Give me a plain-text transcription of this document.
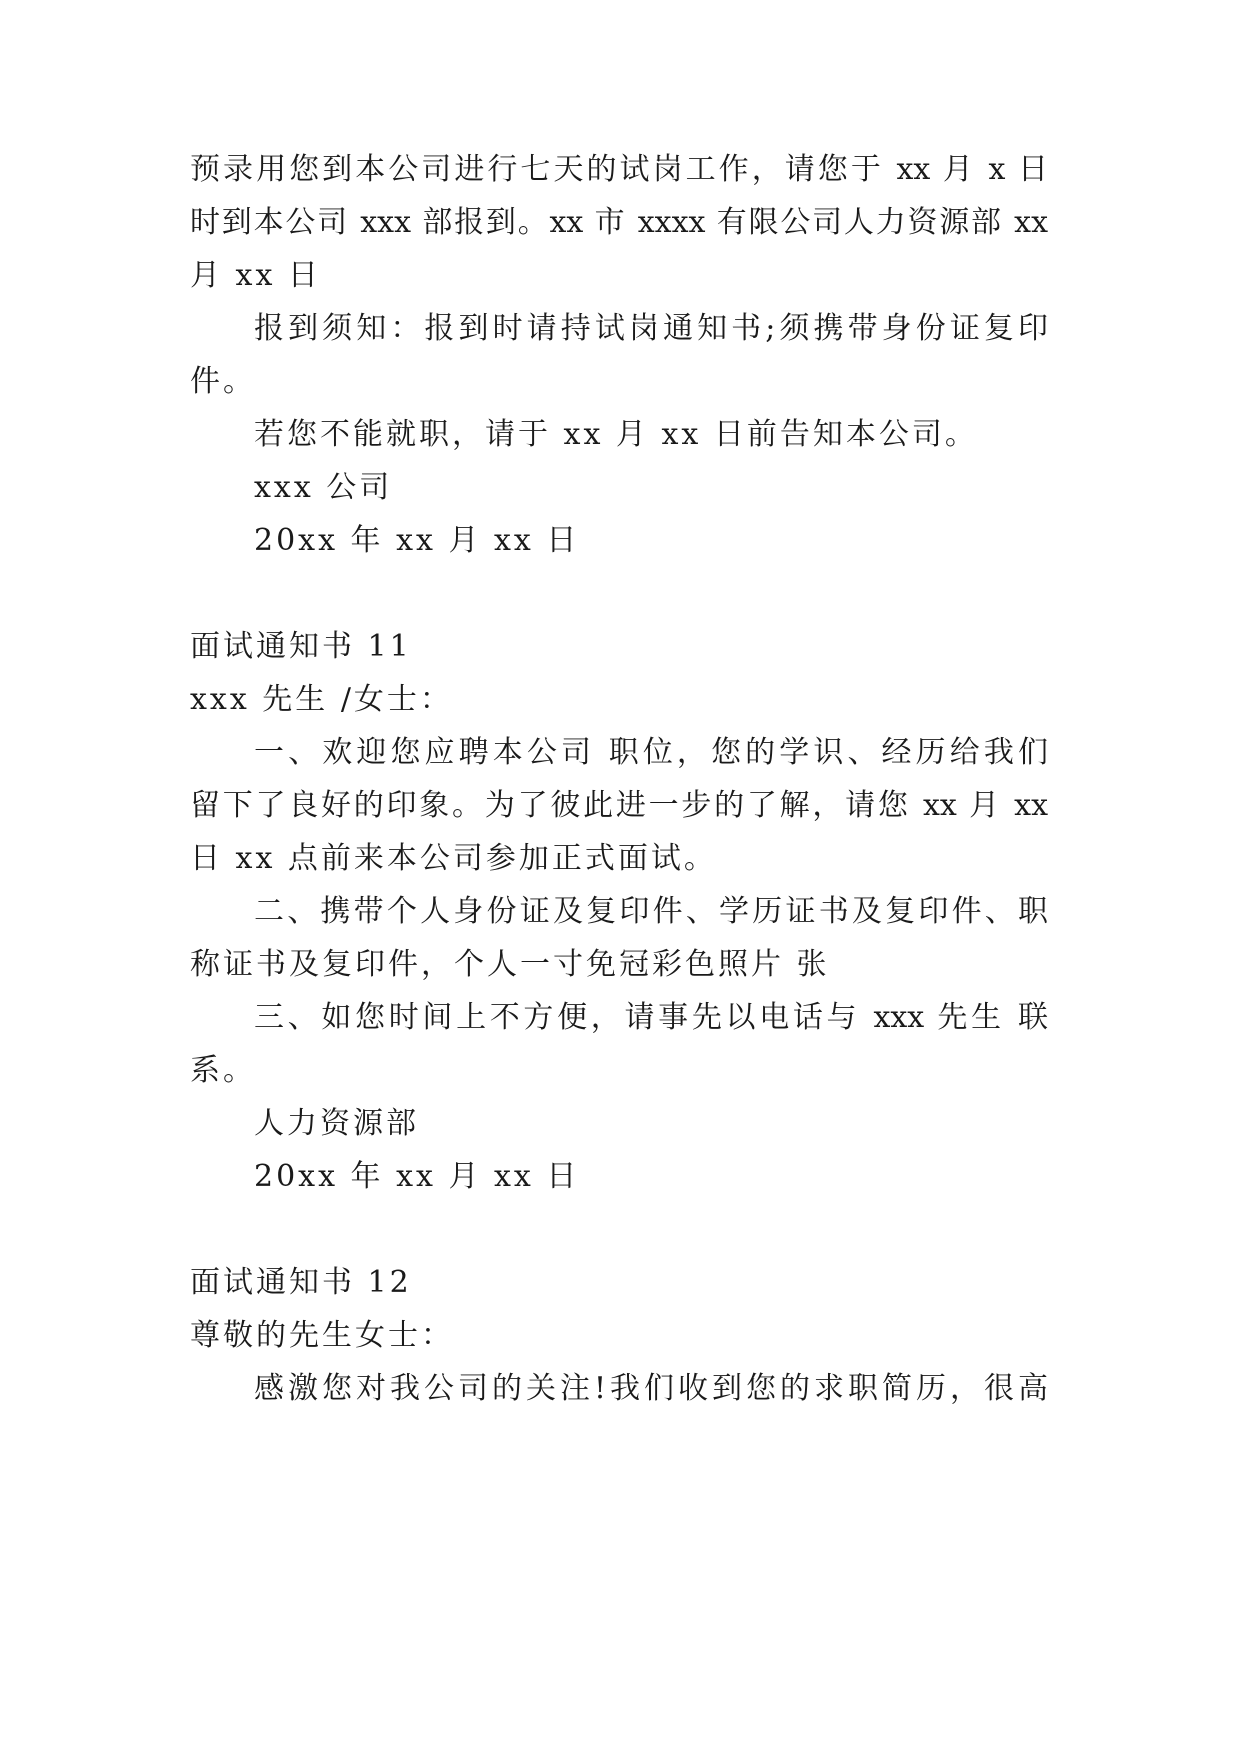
预录用您到本公司进行七天的试岗工作，请您于 xx 月 x 日
时到本公司 xxx 部报到。xx 市 xxxx 有限公司人力资源部 xx
月 xx 日
报到须知：报到时请持试岗通知书;须携带身份证复印
件。
若您不能就职，请于 xx 月 xx 日前告知本公司。
xxx 公司
20xx 年 xx 月 xx 日
面试通知书 11
xxx 先生 /女士：
一、欢迎您应聘本公司 职位，您的学识、经历给我们
留下了良好的印象。为了彼此进一步的了解，请您 xx 月 xx
日 xx 点前来本公司参加正式面试。
二、携带个人身份证及复印件、学历证书及复印件、职
称证书及复印件，个人一寸免冠彩色照片 张
三、如您时间上不方便，请事先以电话与 xxx 先生 联
系。
人力资源部
20xx 年 xx 月 xx 日
面试通知书 12
尊敬的先生女士：
感激您对我公司的关注!我们收到您的求职简历，很高
